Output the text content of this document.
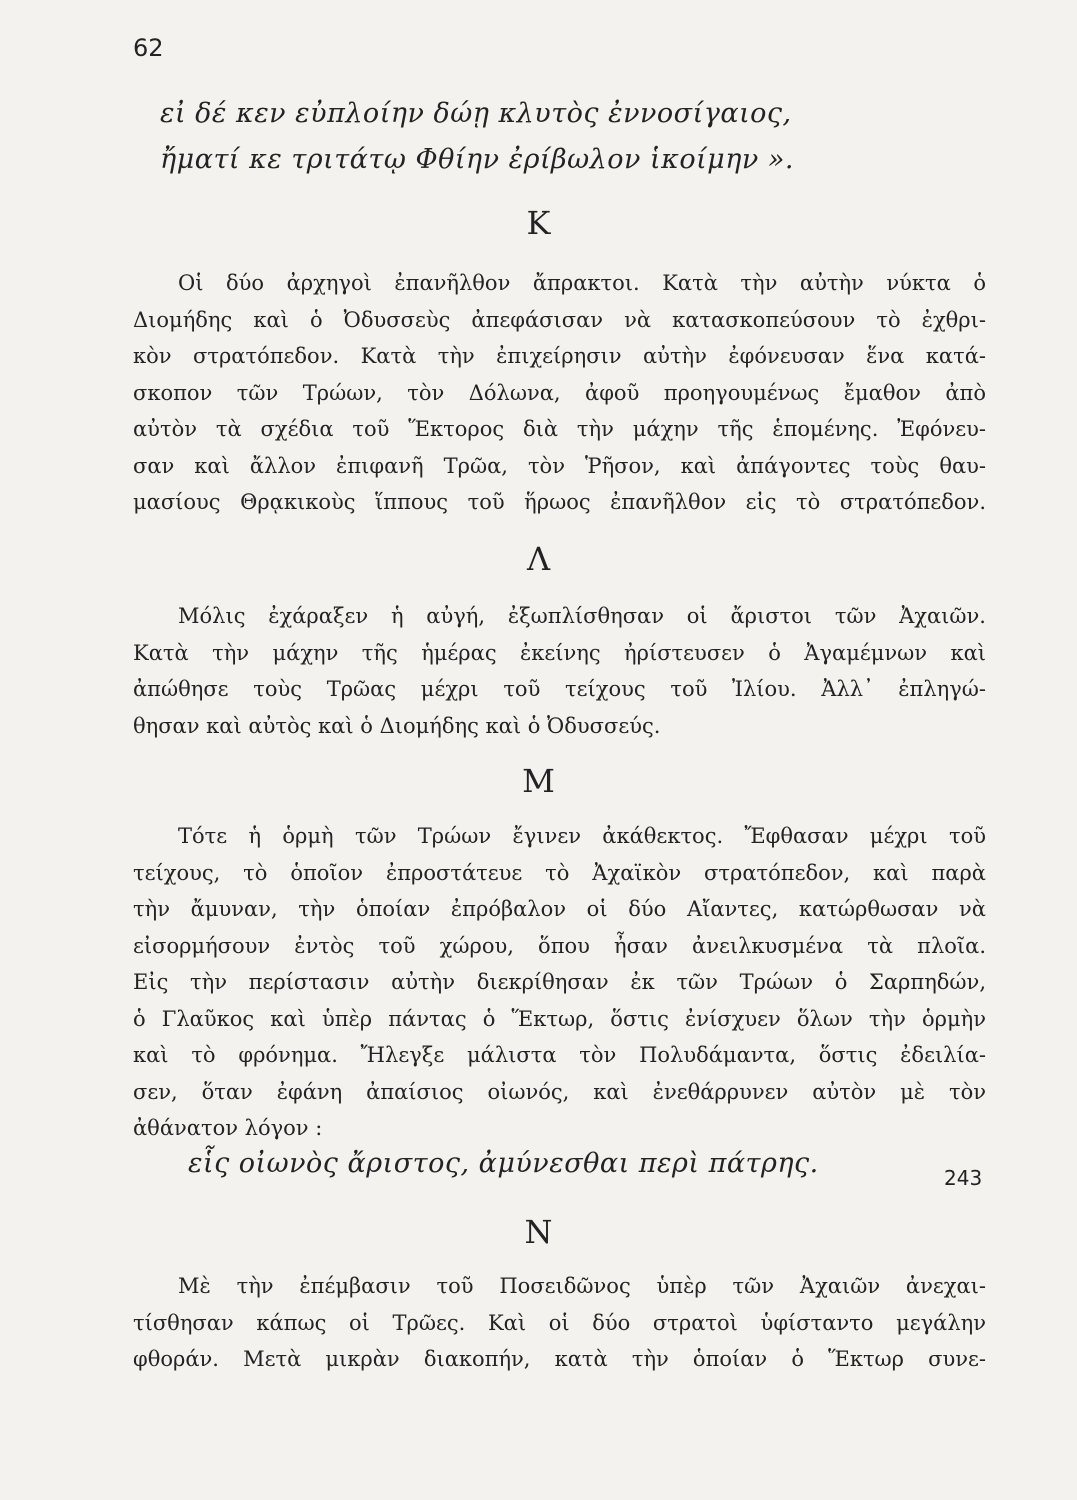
62
εἰ δέ κεν εὐπλοίην δώῃ κλυτὸς ἐννοσίγαιος,
ἤματί κε τριτάτῳ Φθίην ἐρίβωλον ἱκοίμην ».
Κ
Οἱ δύο ἀρχηγοὶ ἐπανῆλθον ἄπρακτοι. Κατὰ τὴν αὐτὴν νύκτα ὁ
Διομήδης καὶ ὁ Ὀδυσσεὺς ἀπεφάσισαν νὰ κατασκοπεύσουν τὸ ἐχθρι-
κὸν στρατόπεδον. Κατὰ τὴν ἐπιχείρησιν αὐτὴν ἐφόνευσαν ἕνα κατά-
σκοπον τῶν Τρώων, τὸν Δόλωνα, ἀφοῦ προηγουμένως ἔμαθον ἀπὸ
αὐτὸν τὰ σχέδια τοῦ Ἕκτορος διὰ τὴν μάχην τῆς ἑπομένης. Ἐφόνευ-
σαν καὶ ἄλλον ἐπιφανῆ Τρῶα, τὸν Ῥῆσον, καὶ ἀπάγοντες τοὺς θαυ-
μασίους Θρᾳκικοὺς ἵππους τοῦ ἥρωος ἐπανῆλθον εἰς τὸ στρατόπεδον.
Λ
Μόλις ἐχάραξεν ἡ αὐγή, ἐξωπλίσθησαν οἱ ἄριστοι τῶν Ἀχαιῶν.
Κατὰ τὴν μάχην τῆς ἡμέρας ἐκείνης ἠρίστευσεν ὁ Ἀγαμέμνων καὶ
ἀπώθησε τοὺς Τρῶας μέχρι τοῦ τείχους τοῦ Ἰλίου. Ἀλλ᾽ ἐπληγώ-
θησαν καὶ αὐτὸς καὶ ὁ Διομήδης καὶ ὁ Ὀδυσσεύς.
Μ
Τότε ἡ ὁρμὴ τῶν Τρώων ἔγινεν ἀκάθεκτος. Ἔφθασαν μέχρι τοῦ
τείχους, τὸ ὁποῖον ἐπροστάτευε τὸ Ἀχαϊκὸν στρατόπεδον, καὶ παρὰ
τὴν ἄμυναν, τὴν ὁποίαν ἐπρόβαλον οἱ δύο Αἴαντες, κατώρθωσαν νὰ
εἰσορμήσουν ἐντὸς τοῦ χώρου, ὅπου ἦσαν ἀνειλκυσμένα τὰ πλοῖα.
Εἰς τὴν περίστασιν αὐτὴν διεκρίθησαν ἐκ τῶν Τρώων ὁ Σαρπηδών,
ὁ Γλαῦκος καὶ ὑπὲρ πάντας ὁ Ἕκτωρ, ὅστις ἐνίσχυεν ὅλων τὴν ὁρμὴν
καὶ τὸ φρόνημα. Ἤλεγξε μάλιστα τὸν Πολυδάμαντα, ὅστις ἐδειλία-
σεν, ὅταν ἐφάνη ἀπαίσιος οἰωνός, καὶ ἐνεθάρρυνεν αὐτὸν μὲ τὸν
ἀθάνατον λόγον :
εἷς οἰωνὸς ἄριστος, ἀμύνεσθαι περὶ πάτρης.	243
Ν
Μὲ τὴν ἐπέμβασιν τοῦ Ποσειδῶνος ὑπὲρ τῶν Ἀχαιῶν ἀνεχαι-
τίσθησαν κάπως οἱ Τρῶες. Καὶ οἱ δύο στρατοὶ ὑφίσταντο μεγάλην
φθοράν. Μετὰ μικρὰν διακοπήν, κατὰ τὴν ὁποίαν ὁ Ἕκτωρ συνε-
